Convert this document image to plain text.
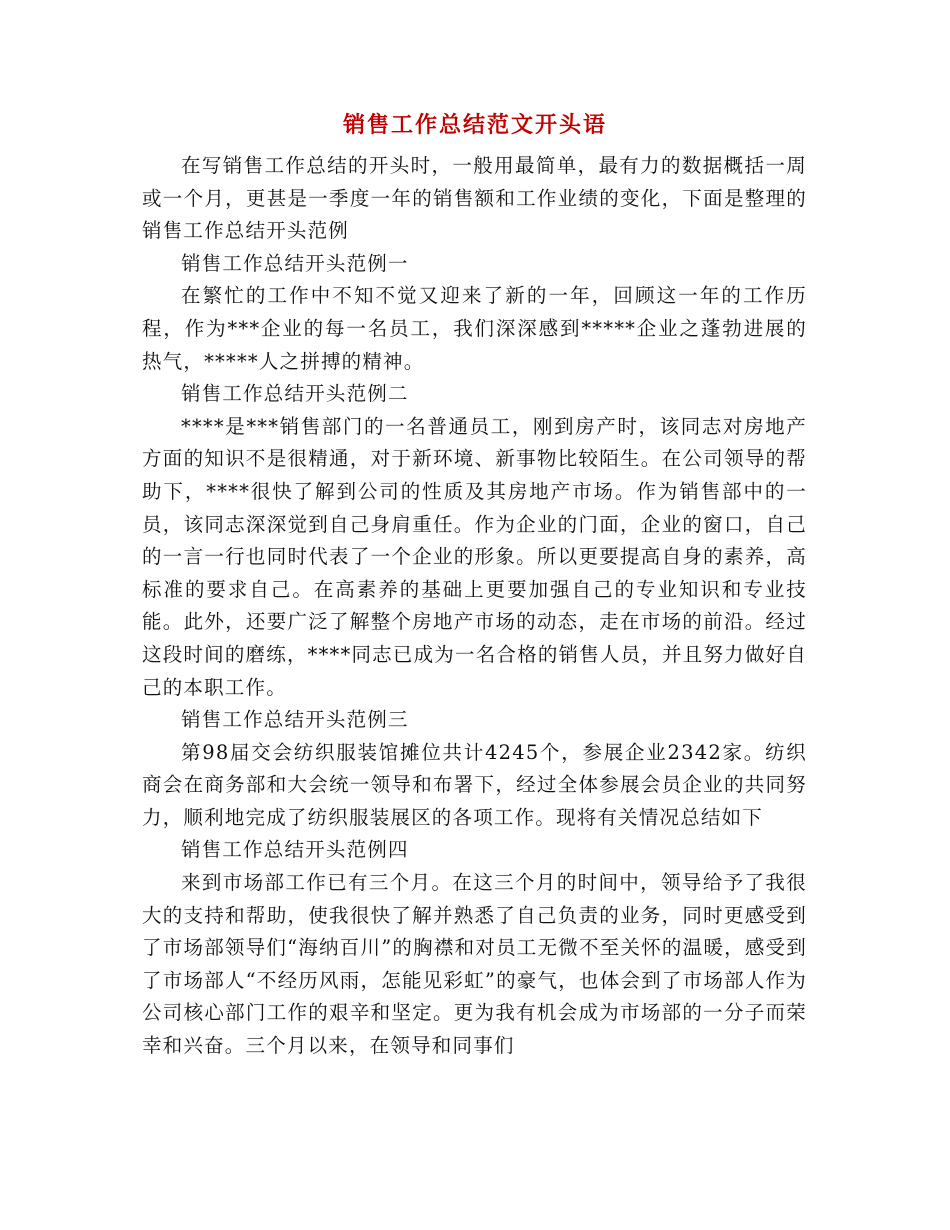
销售工作总结范文开头语

在写销售工作总结的开头时，一般用最简单，最有力的数据概括一周或一个月，更甚是一季度一年的销售额和工作业绩的变化，下面是整理的销售工作总结开头范例

销售工作总结开头范例一

在繁忙的工作中不知不觉又迎来了新的一年，回顾这一年的工作历程，作为***企业的每一名员工，我们深深感到*****企业之蓬勃进展的热气，*****人之拼搏的精神。

销售工作总结开头范例二

****是***销售部门的一名普通员工，刚到房产时，该同志对房地产方面的知识不是很精通，对于新环境、新事物比较陌生。在公司领导的帮助下，****很快了解到公司的性质及其房地产市场。作为销售部中的一员，该同志深深觉到自己身肩重任。作为企业的门面，企业的窗口，自己的一言一行也同时代表了一个企业的形象。所以更要提高自身的素养，高标准的要求自己。在高素养的基础上更要加强自己的专业知识和专业技能。此外，还要广泛了解整个房地产市场的动态，走在市场的前沿。经过这段时间的磨练，****同志已成为一名合格的销售人员，并且努力做好自己的本职工作。

销售工作总结开头范例三

第98届交会纺织服装馆摊位共计4245个，参展企业2342家。纺织商会在商务部和大会统一领导和布署下，经过全体参展会员企业的共同努力，顺利地完成了纺织服装展区的各项工作。现将有关情况总结如下

销售工作总结开头范例四

来到市场部工作已有三个月。在这三个月的时间中，领导给予了我很大的支持和帮助，使我很快了解并熟悉了自己负责的业务，同时更感受到了市场部领导们“海纳百川”的胸襟和对员工无微不至关怀的温暖，感受到了市场部人“不经历风雨，怎能见彩虹”的豪气，也体会到了市场部人作为公司核心部门工作的艰辛和坚定。更为我有机会成为市场部的一分子而荣幸和兴奋。三个月以来，在领导和同事们
